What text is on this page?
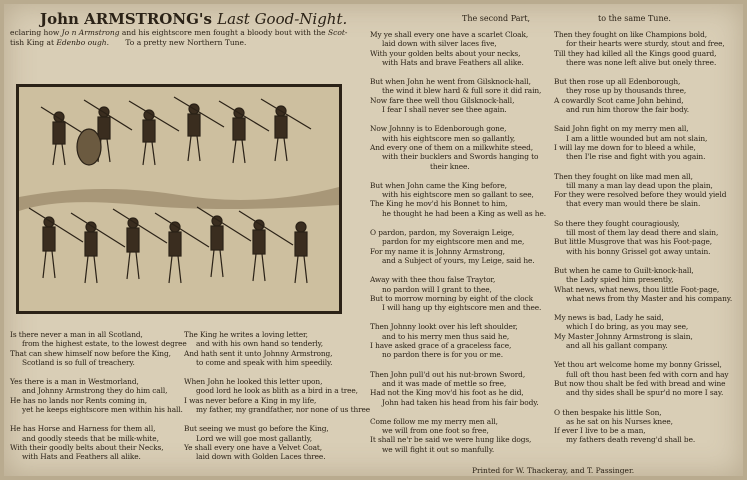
John ARMSTRONG's Last Good-Night.
eclaring how Jo n Armstrong and his eightscore men fought a bloody bout with the Scot-
tish King at Edenbo ough. To a pretty new Northern Tune.
The second Part,	to the same Tune.
Is there never a man in all Scotland,
from the highest estate, to the lowest degree
That can shew himself now before the King,
Scotland is so full of treachery.
Yes there is a man in Westmorland,
and Johnny Armstrong they do him call,
He has no lands nor Rents coming in,
yet he keeps eightscore men within his hall.
He has Horse and Harness for them all,
and goodly steeds that be milk-white,
With their goodly belts about their Necks,
with Hats and Feathers all alike.
The King he writes a loving letter,
and with his own hand so tenderly,
And hath sent it unto Johnny Armstrong,
to come and speak with him speedily.
When John he looked this letter upon,
good lord he look as blith as a bird in a tree,
I was never before a King in my life,
my father, my grandfather, nor none of us three
But seeing we must go before the King,
Lord we will goe most gallantly,
Ye shall every one have a Velvet Coat,
laid down with Golden Laces three.
My ye shall every one have a scarlet Cloak,
laid down with silver laces five,
With your golden belts about your necks,
with Hats and brave Feathers all alike.
But when John he went from Gilsknock-hall,
the wind it blew hard & full sore it did rain,
Now fare thee well thou Gilsknock-hall,
I fear I shall never see thee again.
Now Johnny is to Edenborough gone,
with his eightscore men so gallantly,
And every one of them on a milkwhite steed,
with their bucklers and Swords hanging to
their knee.
But when John came the King before,
with his eightscore men so gallant to see,
The King he mov'd his Bonnet to him,
he thought he had been a King as well as he.
O pardon, pardon, my Soveraign Leige,
pardon for my eightscore men and me,
For my name it is Johnny Armstrong,
and a Subject of yours, my Leige, said he.
Away with thee thou false Traytor,
no pardon will I grant to thee,
But to morrow morning by eight of the clock
I will hang up thy eightscore men and thee.
Then Johnny lookt over his left shoulder,
and to his merry men thus said he,
I have asked grace of a graceless face,
no pardon there is for you or me.
Then John pull'd out his nut-brown Sword,
and it was made of mettle so free,
Had not the King mov'd his foot as he did,
John had taken his head from his fair body.
Come follow me my merry men all,
we will from one foot so free,
It shall ne'r be said we were hung like dogs,
we will fight it out so manfully.
Then they fought on like Champions bold,
for their hearts were sturdy, stout and free,
Till they had killed all the Kings good guard,
there was none left alive but onely three.
But then rose up all Edenborough,
they rose up by thousands three,
A cowardly Scot came John behind,
and run him thorow the fair body.
Said John fight on my merry men all,
I am a little wounded but am not slain,
I will lay me down for to bleed a while,
then I'le rise and fight with you again.
Then they fought on like mad men all,
till many a man lay dead upon the plain,
For they were resolved before they would yield
that every man would there be slain.
So there they fought couragiously,
till most of them lay dead there and slain,
But little Musgrove that was his Foot-page,
with his bonny Grissel got away untain.
But when he came to Guilt-knock-hall,
the Lady spied him presently,
What news, what news, thou little Foot-page,
what news from thy Master and his company.
My news is bad, Lady he said,
which I do bring, as you may see,
My Master Johnny Armstrong is slain,
and all his gallant company.
Yet thou art welcome home my bonny Grissel,
full oft thou hast been fed with corn and hay
But now thou shalt be fed with bread and wine
and thy sides shall be spur'd no more I say.
O then bespake his little Son,
as he sat on his Nurses knee,
If ever I live to be a man,
my fathers death reveng'd shall be.
Printed for W. Thackeray, and T. Passinger.
